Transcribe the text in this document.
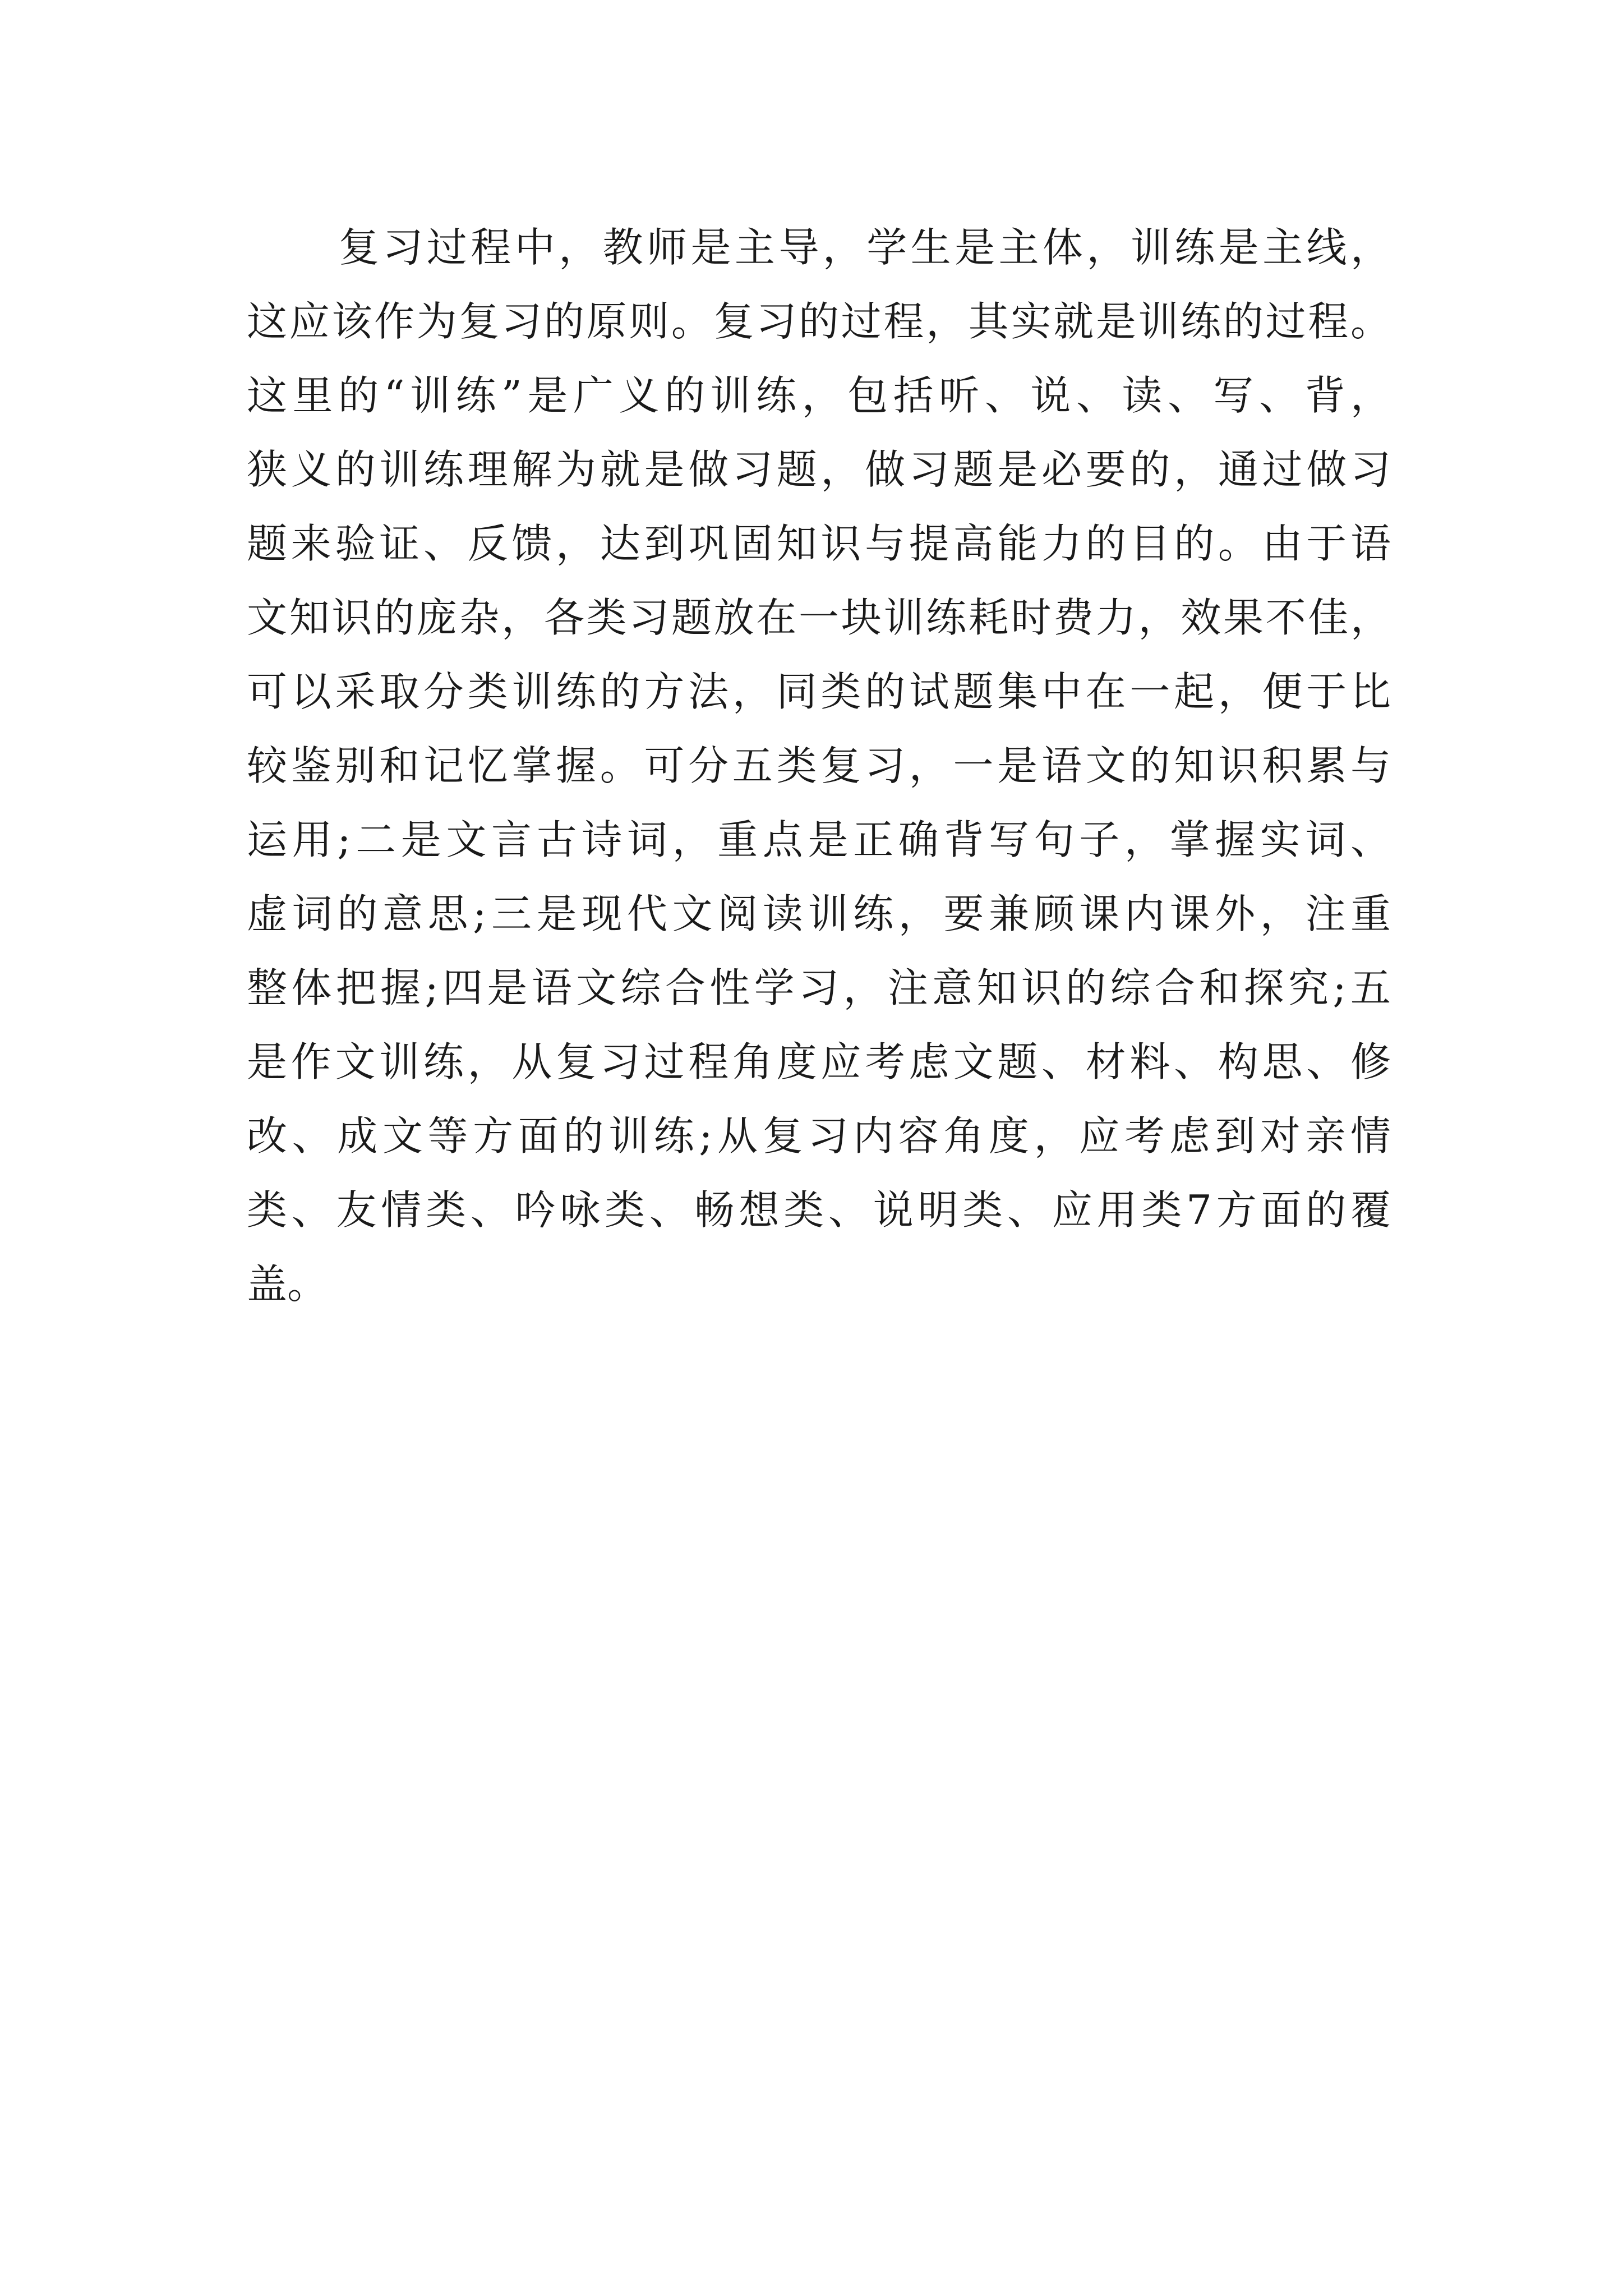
复习过程中，教师是主导，学生是主体，训练是主线，
这应该作为复习的原则。复习的过程，其实就是训练的过程。
这里的“训练”是广义的训练，包括听、说、读、写、背，
狭义的训练理解为就是做习题，做习题是必要的，通过做习
题来验证、反馈，达到巩固知识与提高能力的目的。由于语
文知识的庞杂，各类习题放在一块训练耗时费力，效果不佳，
可以采取分类训练的方法，同类的试题集中在一起，便于比
较鉴别和记忆掌握。可分五类复习，一是语文的知识积累与
运用;二是文言古诗词，重点是正确背写句子，掌握实词、
虚词的意思;三是现代文阅读训练，要兼顾课内课外，注重
整体把握;四是语文综合性学习，注意知识的综合和探究;五
是作文训练，从复习过程角度应考虑文题、材料、构思、修
改、成文等方面的训练;从复习内容角度，应考虑到对亲情
类、友情类、吟咏类、畅想类、说明类、应用类7方面的覆
盖。
